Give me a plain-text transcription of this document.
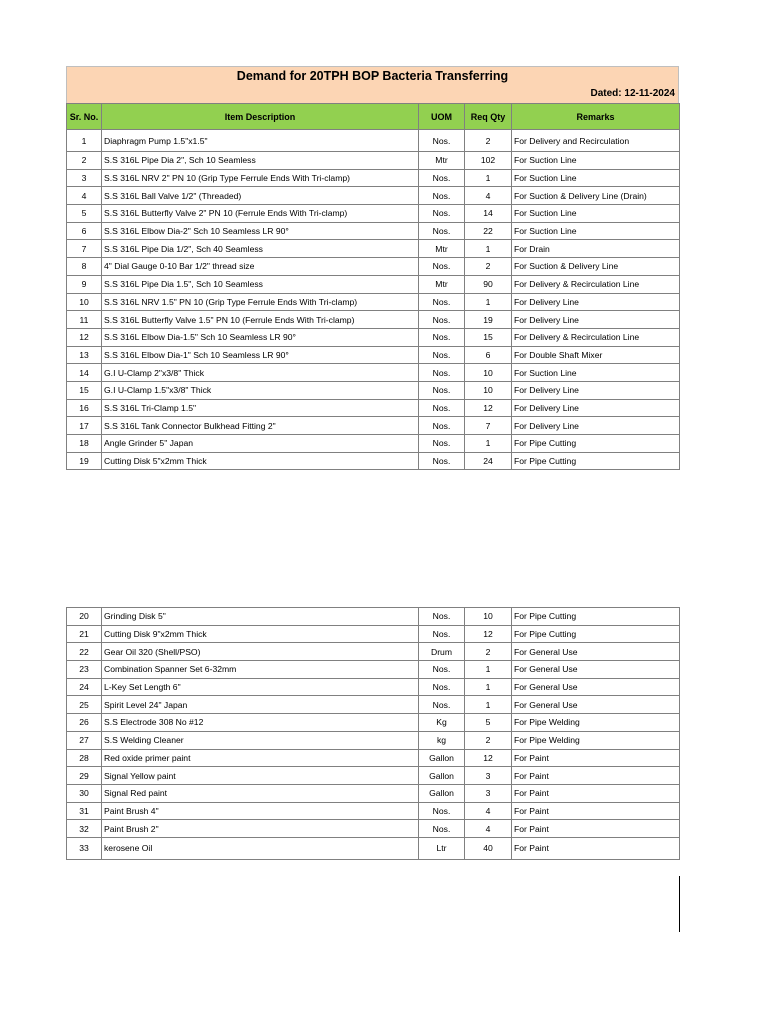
Demand for 20TPH BOP Bacteria Transferring
Dated: 12-11-2024
Sr. No.	Item Description	UOM	Req Qty	Remarks
1	Diaphragm Pump 1.5"x1.5"	Nos.	2	For Delivery and Recirculation
2	S.S 316L Pipe Dia 2", Sch 10 Seamless	Mtr	102	For Suction Line
3	S.S 316L NRV 2" PN 10 (Grip Type Ferrule Ends With Tri-clamp)	Nos.	1	For Suction Line
4	S.S 316L Ball Valve 1/2" (Threaded)	Nos.	4	For Suction & Delivery Line (Drain)
5	S.S 316L Butterfly Valve 2" PN 10 (Ferrule Ends With Tri-clamp)	Nos.	14	For Suction Line
6	S.S 316L Elbow Dia-2" Sch 10 Seamless LR 90°	Nos.	22	For Suction Line
7	S.S 316L Pipe Dia 1/2", Sch 40 Seamless	Mtr	1	For Drain
8	4" Dial Gauge 0-10 Bar 1/2" thread size	Nos.	2	For Suction & Delivery Line
9	S.S 316L Pipe Dia 1.5", Sch 10 Seamless	Mtr	90	For Delivery & Recirculation Line
10	S.S 316L NRV 1.5" PN 10 (Grip Type Ferrule Ends With Tri-clamp)	Nos.	1	For Delivery Line
11	S.S 316L Butterfly Valve 1.5" PN 10 (Ferrule Ends With Tri-clamp)	Nos.	19	For Delivery Line
12	S.S 316L Elbow Dia-1.5" Sch 10 Seamless LR 90°	Nos.	15	For Delivery & Recirculation Line
13	S.S 316L Elbow Dia-1" Sch 10 Seamless LR 90°	Nos.	6	For Double Shaft Mixer
14	G.I U-Clamp 2"x3/8" Thick	Nos.	10	For Suction Line
15	G.I U-Clamp 1.5"x3/8" Thick	Nos.	10	For Delivery Line
16	S.S 316L Tri-Clamp 1.5"	Nos.	12	For Delivery Line
17	S.S 316L Tank Connector Bulkhead Fitting 2"	Nos.	7	For Delivery Line
18	Angle Grinder 5" Japan	Nos.	1	For Pipe Cutting
19	Cutting Disk 5"x2mm Thick	Nos.	24	For Pipe Cutting
20	Grinding Disk 5"	Nos.	10	For Pipe Cutting
21	Cutting Disk 9"x2mm Thick	Nos.	12	For Pipe Cutting
22	Gear Oil 320 (Shell/PSO)	Drum	2	For General Use
23	Combination Spanner Set 6-32mm	Nos.	1	For General Use
24	L-Key Set Length 6"	Nos.	1	For General Use
25	Spirit Level 24" Japan	Nos.	1	For General Use
26	S.S Electrode 308 No #12	Kg	5	For Pipe Welding
27	S.S Welding Cleaner	kg	2	For Pipe Welding
28	Red oxide primer paint	Gallon	12	For Paint
29	Signal Yellow paint	Gallon	3	For Paint
30	Signal Red paint	Gallon	3	For Paint
31	Paint Brush 4"	Nos.	4	For Paint
32	Paint Brush 2"	Nos.	4	For Paint
33	kerosene Oil	Ltr	40	For Paint
